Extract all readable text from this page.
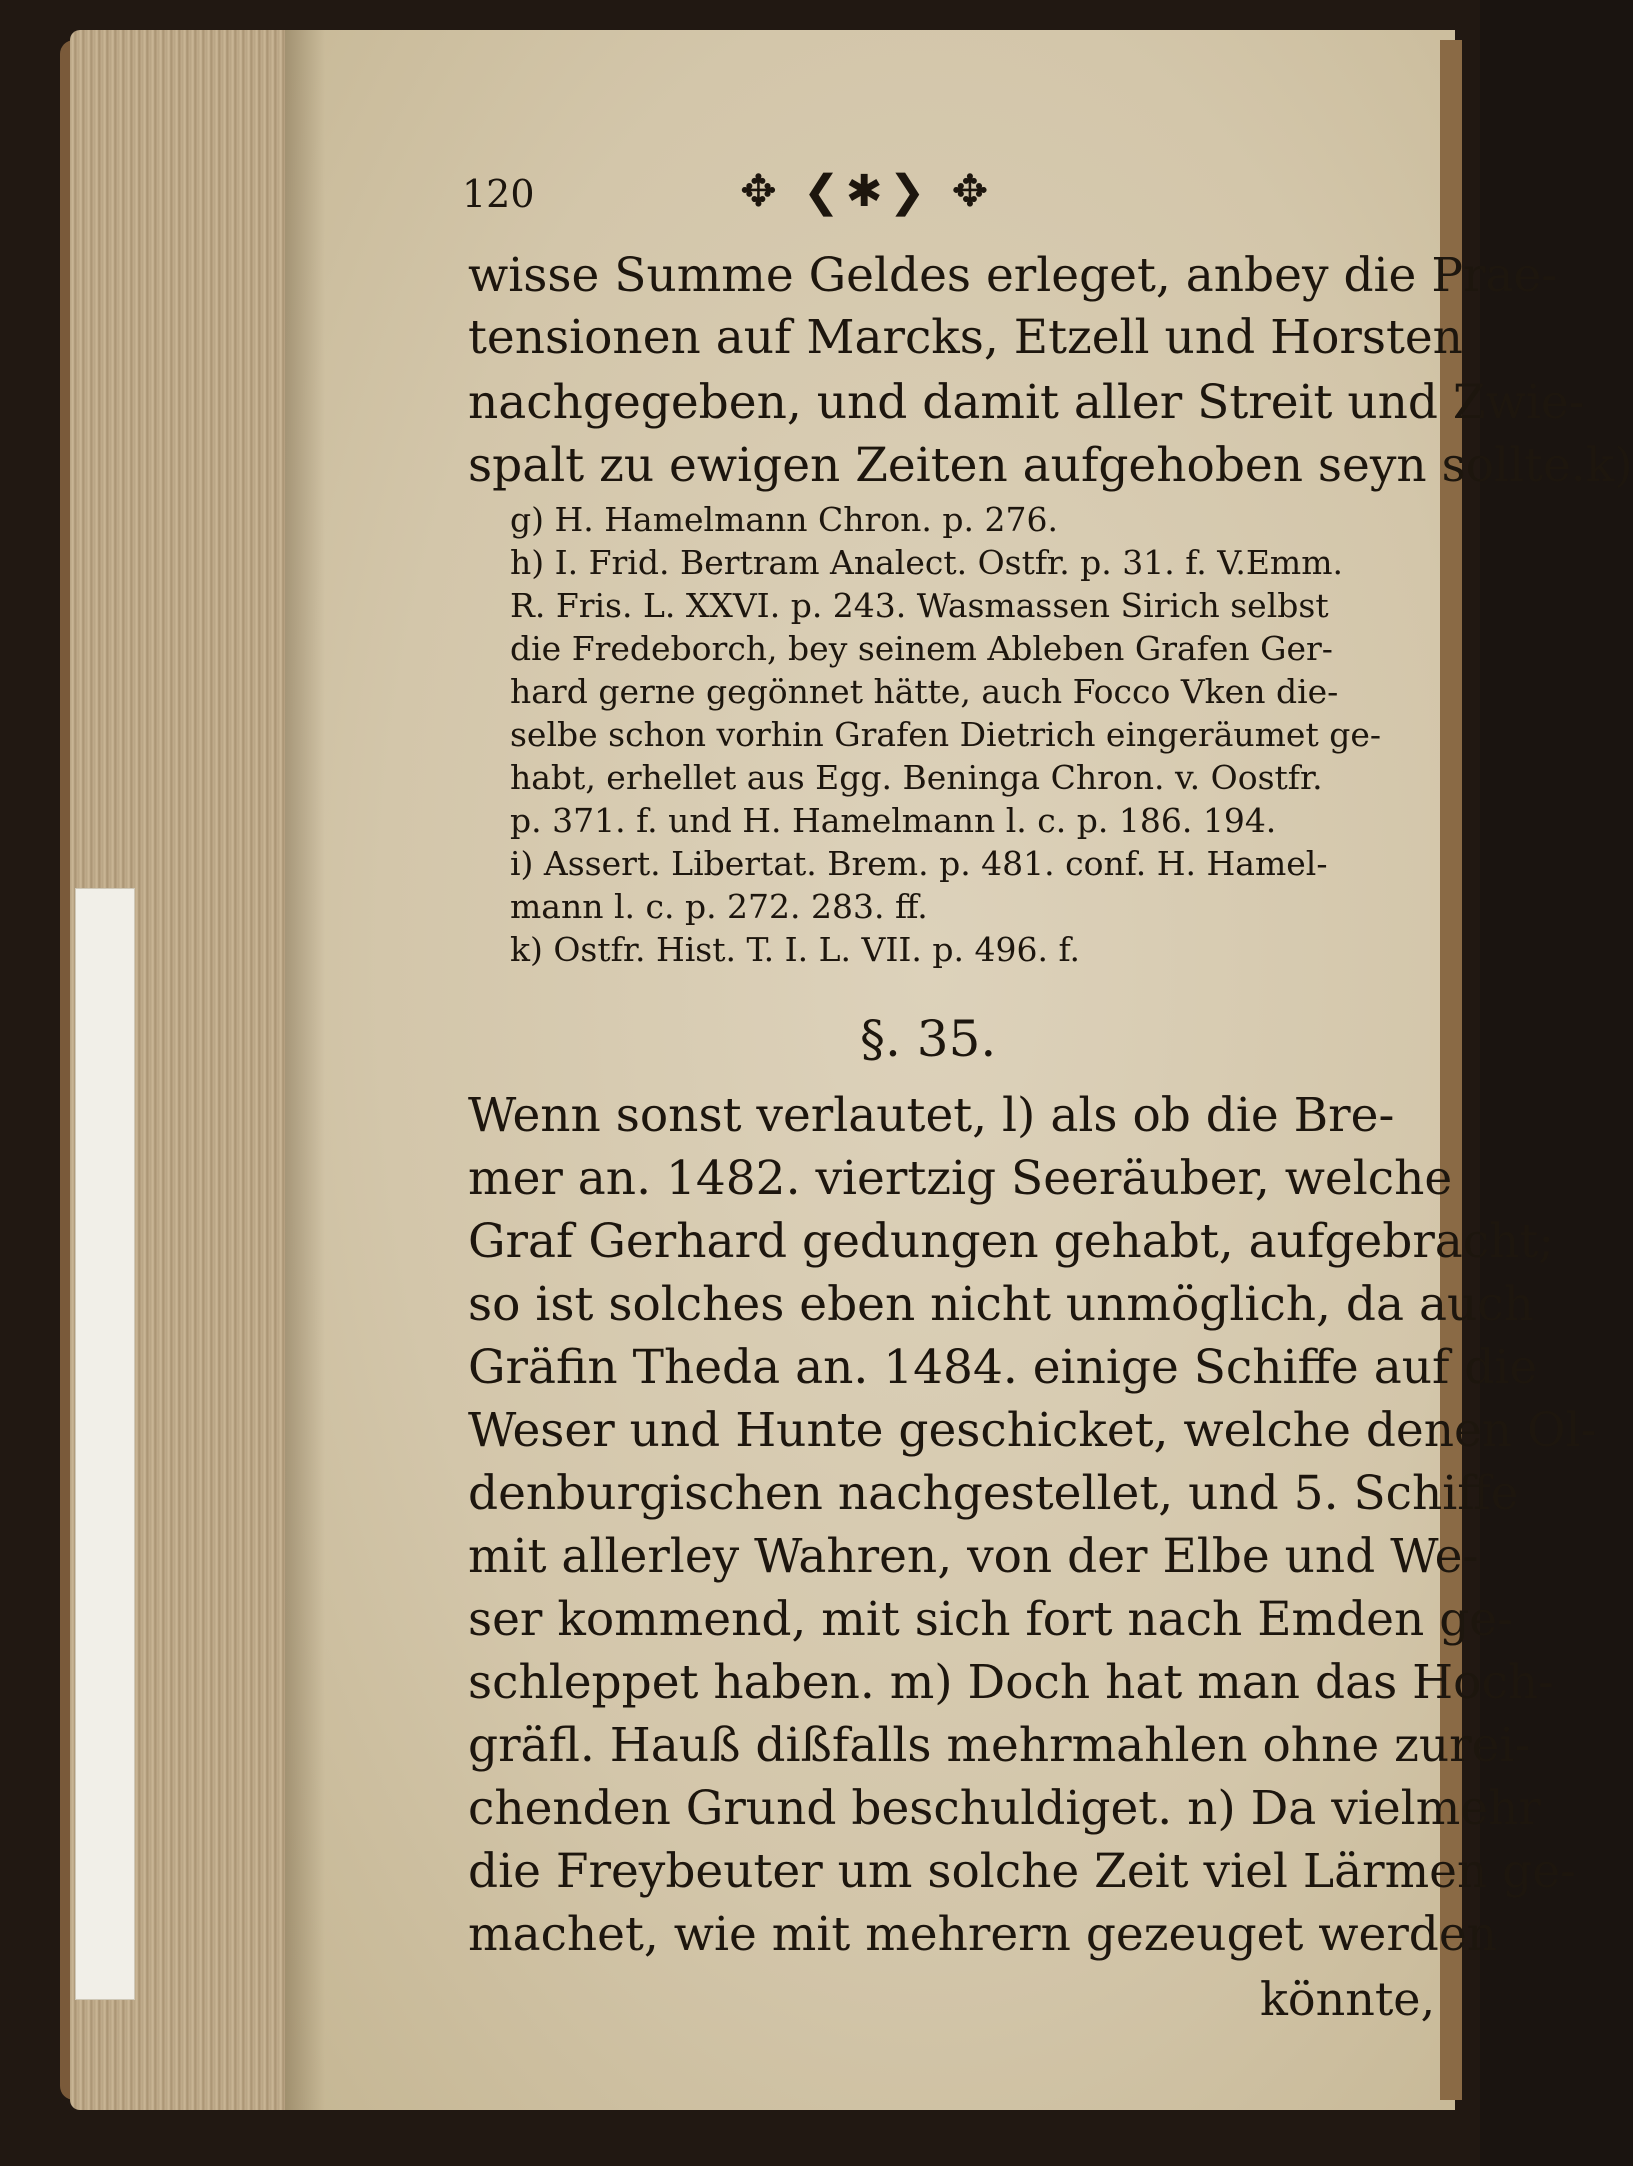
120	✥ ❮✱❯ ✥
wisse Summe Geldes erleget, anbey die Prae-
tensionen auf Marcks, Etzell und Horsten
nachgegeben, und damit aller Streit und Zwie-
spalt zu ewigen Zeiten aufgehoben seyn sollte.k)
g) H. Hamelmann Chron. p. 276.
h) I. Frid. Bertram Analect. Ostfr. p. 31. f. V.Emm.
R. Fris. L. XXVI. p. 243. Wasmassen Sirich selbst
die Fredeborch, bey seinem Ableben Grafen Ger-
hard gerne gegönnet hätte, auch Focco Vken die-
selbe schon vorhin Grafen Dietrich eingeräumet ge-
habt, erhellet aus Egg. Beninga Chron. v. Oostfr.
p. 371. f. und H. Hamelmann l. c. p. 186. 194.
i) Assert. Libertat. Brem. p. 481. conf. H. Hamel-
mann l. c. p. 272. 283. ff.
k) Ostfr. Hist. T. I. L. VII. p. 496. f.
§. 35.
Wenn sonst verlautet, l) als ob die Bre-
mer an. 1482. viertzig Seeräuber, welche
Graf Gerhard gedungen gehabt, aufgebracht;
so ist solches eben nicht unmöglich, da auch
Gräfin Theda an. 1484. einige Schiffe auf die
Weser und Hunte geschicket, welche denen Ol-
denburgischen nachgestellet, und 5. Schiffe
mit allerley Wahren, von der Elbe und We-
ser kommend, mit sich fort nach Emden ge-
schleppet haben. m) Doch hat man das Hoch-
gräfl. Hauß dißfalls mehrmahlen ohne zurei-
chenden Grund beschuldiget. n) Da vielmehr
die Freybeuter um solche Zeit viel Lärmen ge-
machet, wie mit mehrern gezeuget werden
könnte,
